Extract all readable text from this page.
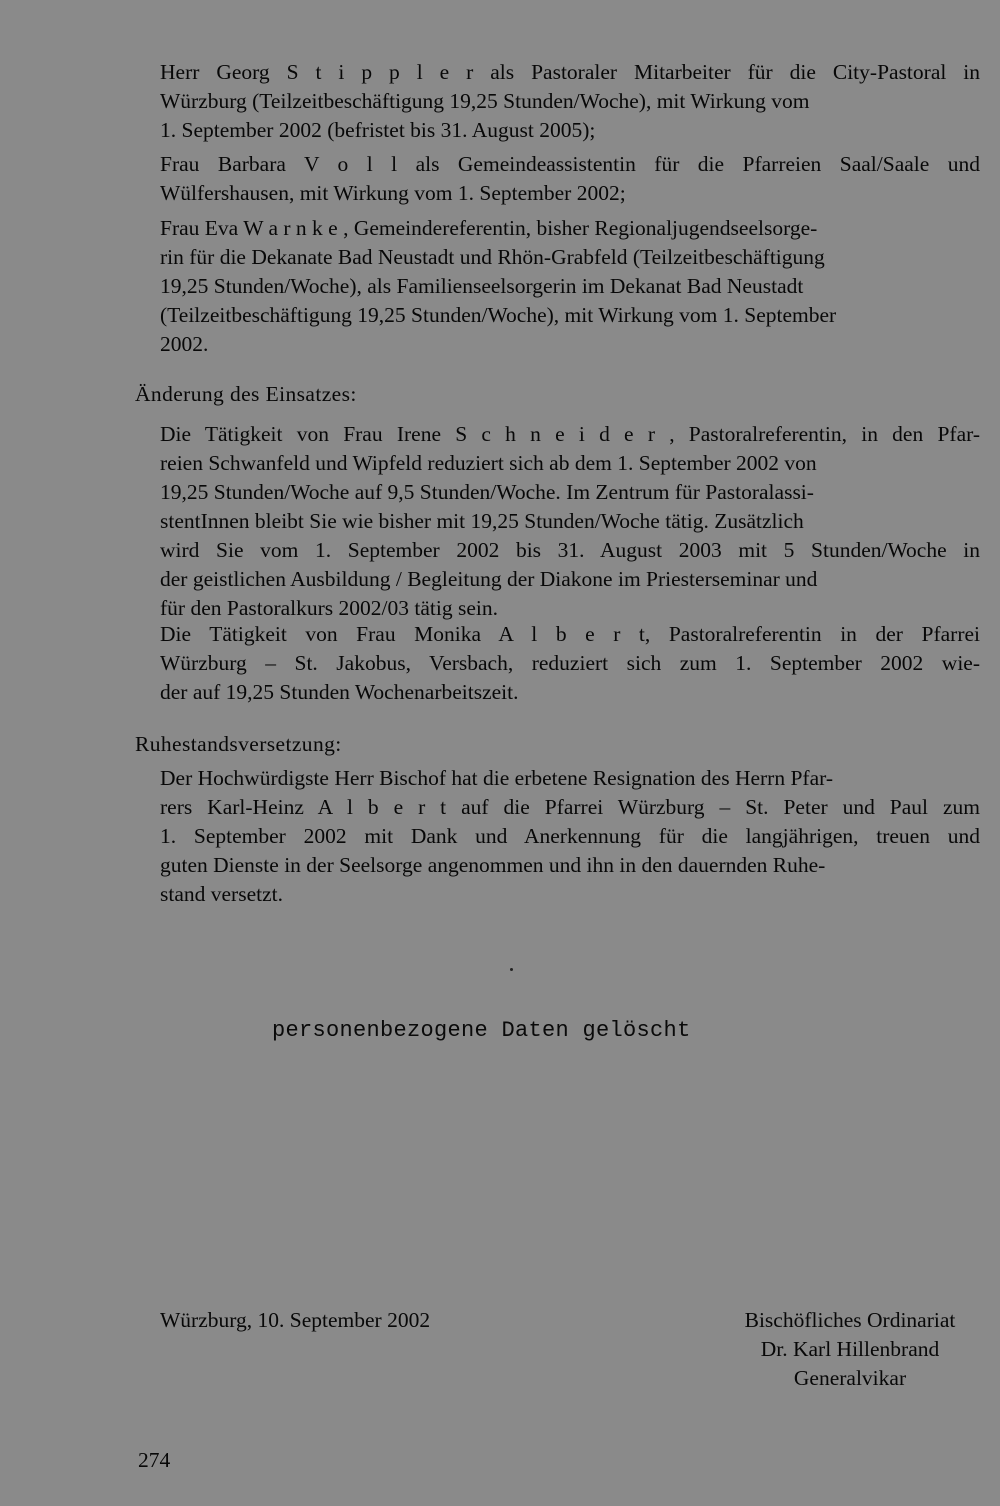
Herr Georg S t i p p l e r als Pastoraler Mitarbeiter für die City-Pastoral in
Würzburg (Teilzeitbeschäftigung 19,25 Stunden/Woche), mit Wirkung vom
1. September 2002 (befristet bis 31. August 2005);
Frau Barbara V o l l als Gemeindeassistentin für die Pfarreien Saal/Saale und
Wülfershausen, mit Wirkung vom 1. September 2002;
Frau Eva W a r n k e , Gemeindereferentin, bisher Regionaljugendseelsorge-
rin für die Dekanate Bad Neustadt und Rhön-Grabfeld (Teilzeitbeschäftigung
19,25 Stunden/Woche), als Familienseelsorgerin im Dekanat Bad Neustadt
(Teilzeitbeschäftigung 19,25 Stunden/Woche), mit Wirkung vom 1. September
2002.
Änderung des Einsatzes:
Die Tätigkeit von Frau Irene S c h n e i d e r , Pastoralreferentin, in den Pfar-
reien Schwanfeld und Wipfeld reduziert sich ab dem 1. September 2002 von
19,25 Stunden/Woche auf 9,5 Stunden/Woche. Im Zentrum für Pastoralassi-
stentInnen bleibt Sie wie bisher mit 19,25 Stunden/Woche tätig. Zusätzlich
wird Sie vom 1. September 2002 bis 31. August 2003 mit 5 Stunden/Woche in
der geistlichen Ausbildung / Begleitung der Diakone im Priesterseminar und
für den Pastoralkurs 2002/03 tätig sein.
Die Tätigkeit von Frau Monika A l b e r t, Pastoralreferentin in der Pfarrei
Würzburg – St. Jakobus, Versbach, reduziert sich zum 1. September 2002 wie-
der auf 19,25 Stunden Wochenarbeitszeit.
Ruhestandsversetzung:
Der Hochwürdigste Herr Bischof hat die erbetene Resignation des Herrn Pfar-
rers Karl-Heinz A l b e r t auf die Pfarrei Würzburg – St. Peter und Paul zum
1. September 2002 mit Dank und Anerkennung für die langjährigen, treuen und
guten Dienste in der Seelsorge angenommen und ihn in den dauernden Ruhe-
stand versetzt.
personenbezogene Daten gelöscht
Würzburg, 10. September 2002	Bischöfliches Ordinariat
Dr. Karl Hillenbrand
Generalvikar
274
